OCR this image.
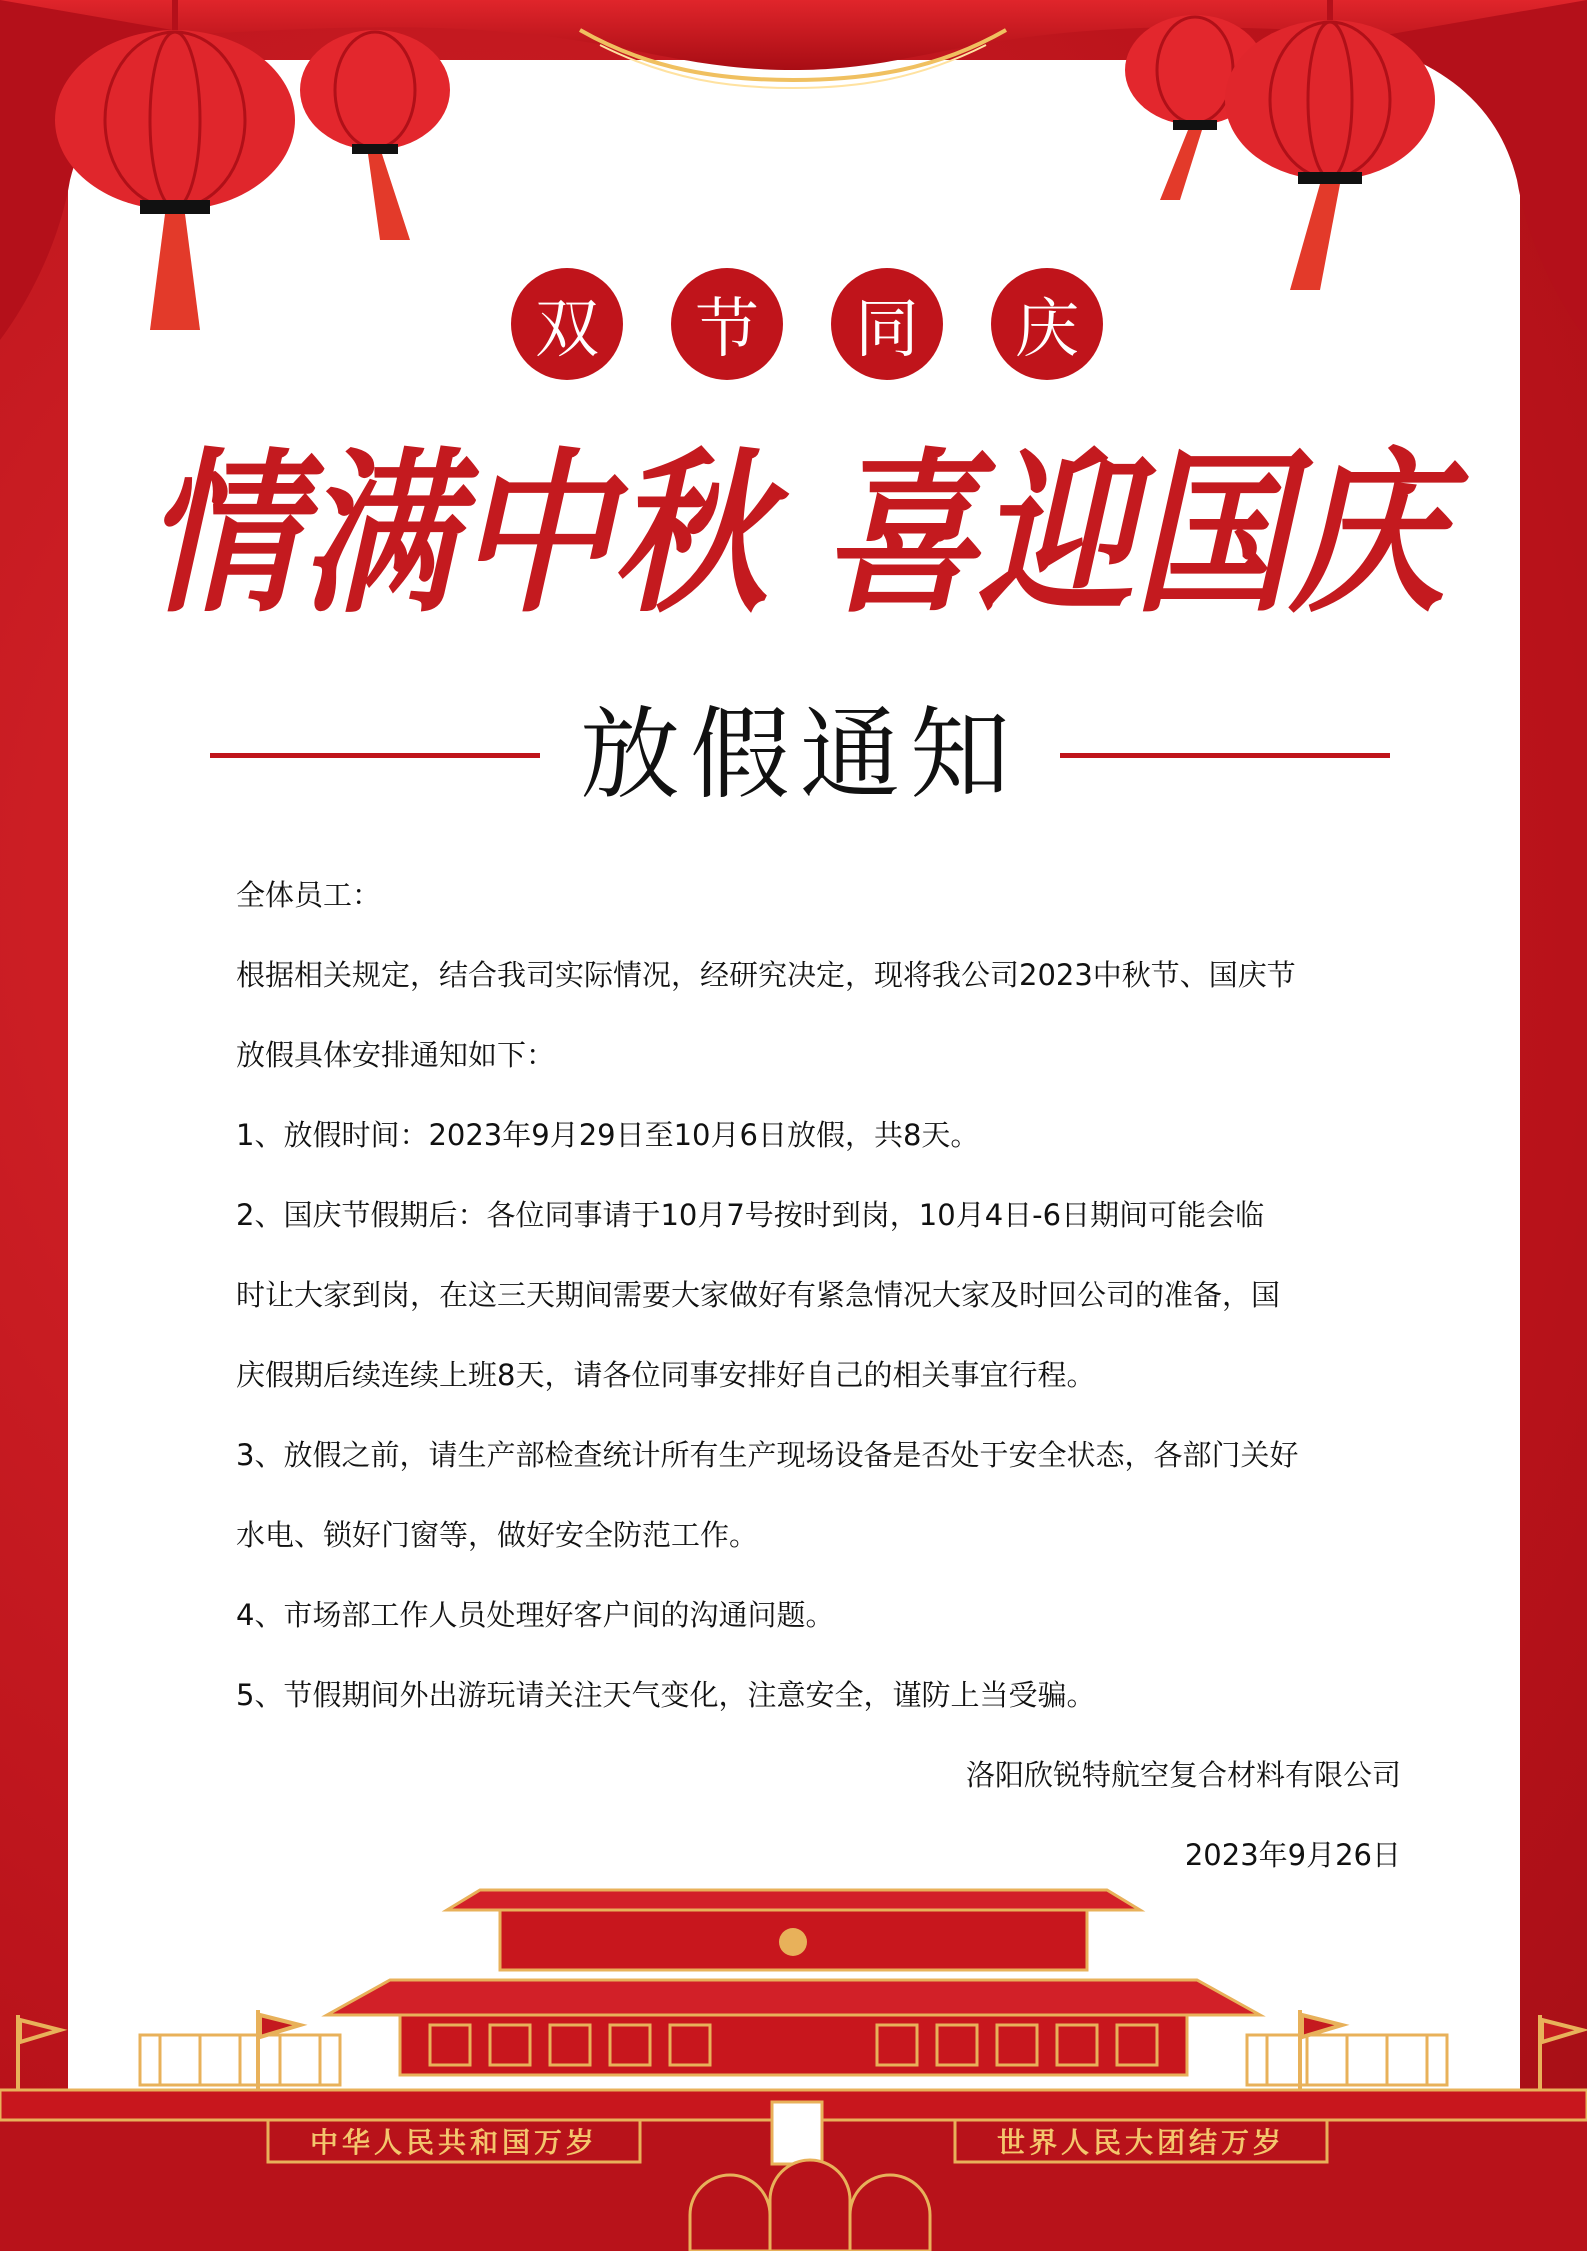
双	节	同	庆
情满中秋 喜迎国庆
放假通知

全体员工：

根据相关规定，结合我司实际情况，经研究决定，现将我公司2023中秋节、国庆节

放假具体安排通知如下：

1、放假时间：2023年9月29日至10月6日放假，共8天。

2、国庆节假期后：各位同事请于10月7号按时到岗，10月4日-6日期间可能会临

时让大家到岗，在这三天期间需要大家做好有紧急情况大家及时回公司的准备，国

庆假期后续连续上班8天，请各位同事安排好自己的相关事宜行程。

3、放假之前，请生产部检查统计所有生产现场设备是否处于安全状态，各部门关好

水电、锁好门窗等，做好安全防范工作。

4、市场部工作人员处理好客户间的沟通问题。

5、节假期间外出游玩请关注天气变化，注意安全，谨防上当受骗。

洛阳欣锐特航空复合材料有限公司

2023年9月26日

中华人民共和国万岁	世界人民大团结万岁
